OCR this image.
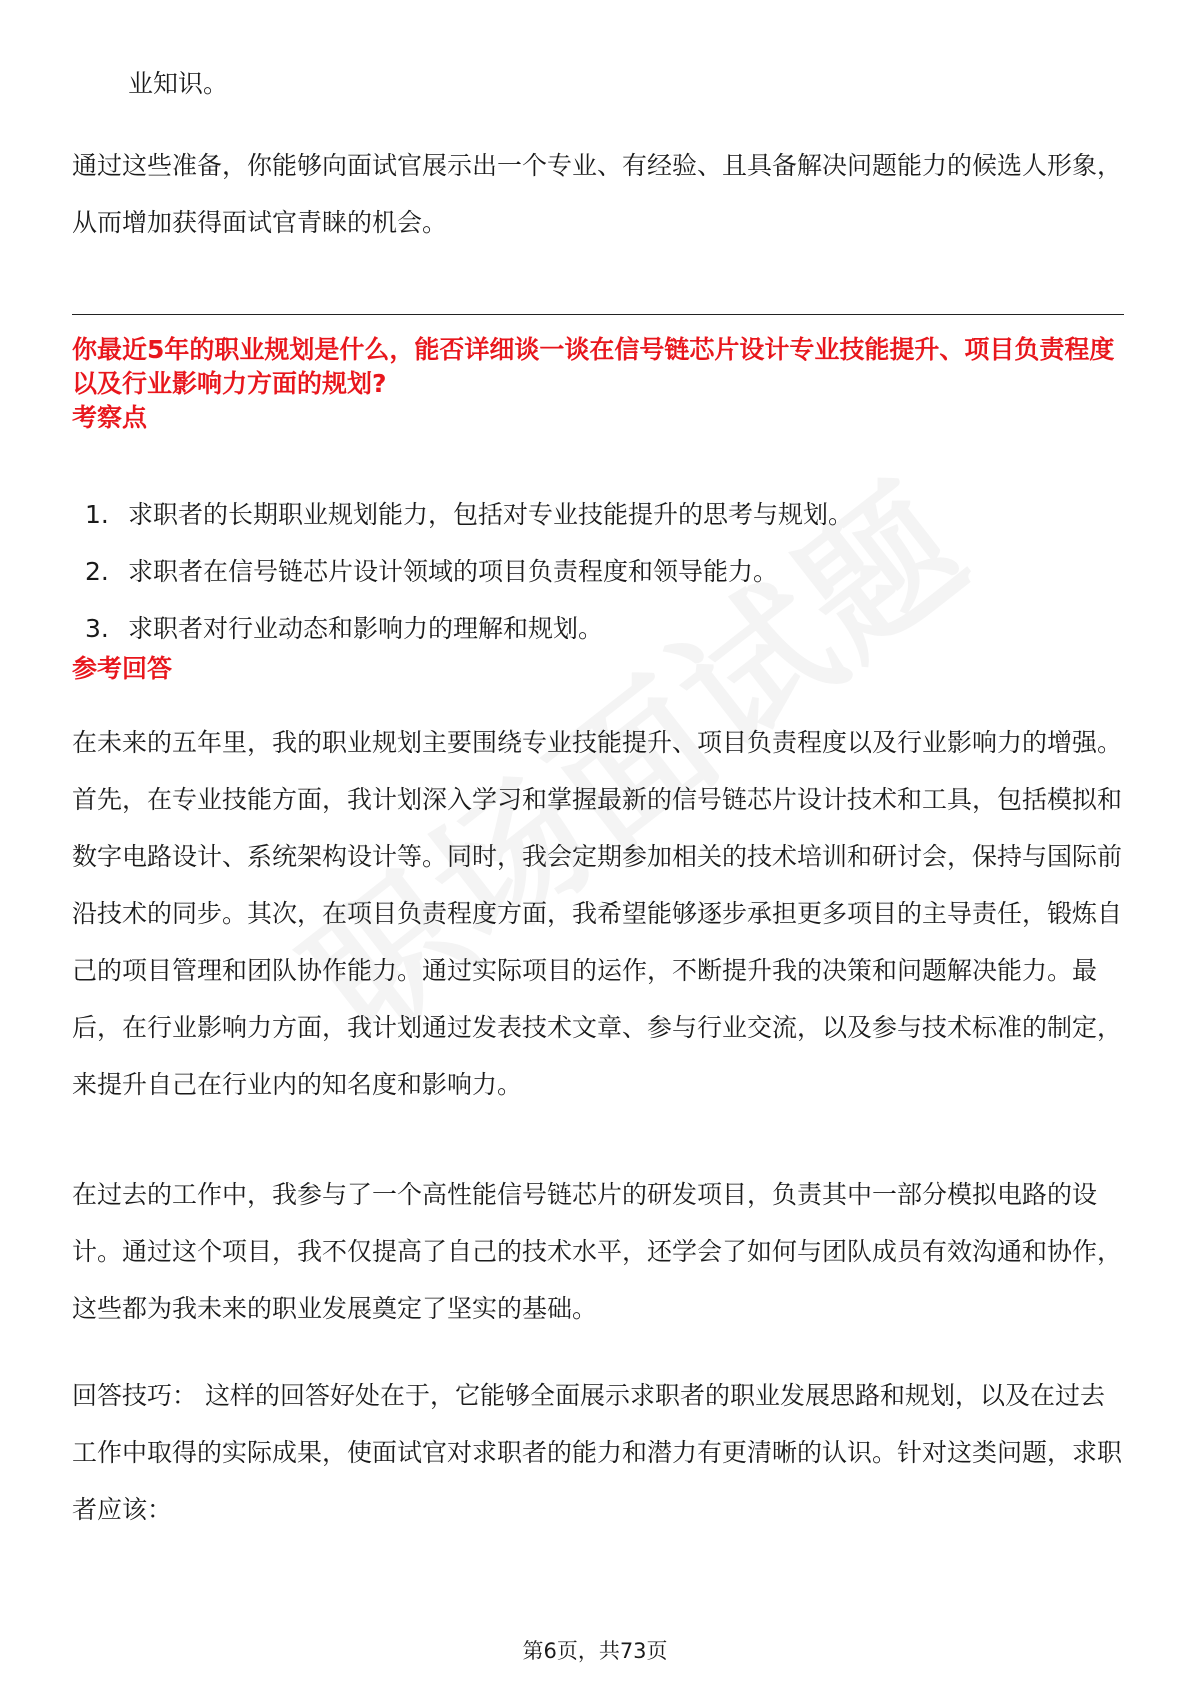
业知识。

通过这些准备，你能够向面试官展示出一个专业、有经验、且具备解决问题能力的候选人形象，从而增加获得面试官青睐的机会。

你最近5年的职业规划是什么，能否详细谈一谈在信号链芯片设计专业技能提升、项目负责程度以及行业影响力方面的规划?

考察点

1. 求职者的长期职业规划能力，包括对专业技能提升的思考与规划。
2. 求职者在信号链芯片设计领域的项目负责程度和领导能力。
3. 求职者对行业动态和影响力的理解和规划。

参考回答

在未来的五年里，我的职业规划主要围绕专业技能提升、项目负责程度以及行业影响力的增强。首先，在专业技能方面，我计划深入学习和掌握最新的信号链芯片设计技术和工具，包括模拟和数字电路设计、系统架构设计等。同时，我会定期参加相关的技术培训和研讨会，保持与国际前沿技术的同步。其次，在项目负责程度方面，我希望能够逐步承担更多项目的主导责任，锻炼自己的项目管理和团队协作能力。通过实际项目的运作，不断提升我的决策和问题解决能力。最后，在行业影响力方面，我计划通过发表技术文章、参与行业交流，以及参与技术标准的制定，来提升自己在行业内的知名度和影响力。

在过去的工作中，我参与了一个高性能信号链芯片的研发项目，负责其中一部分模拟电路的设计。通过这个项目，我不仅提高了自己的技术水平，还学会了如何与团队成员有效沟通和协作，这些都为我未来的职业发展奠定了坚实的基础。

回答技巧： 这样的回答好处在于，它能够全面展示求职者的职业发展思路和规划，以及在过去工作中取得的实际成果，使面试官对求职者的能力和潜力有更清晰的认识。针对这类问题，求职者应该：

第6页，共73页
